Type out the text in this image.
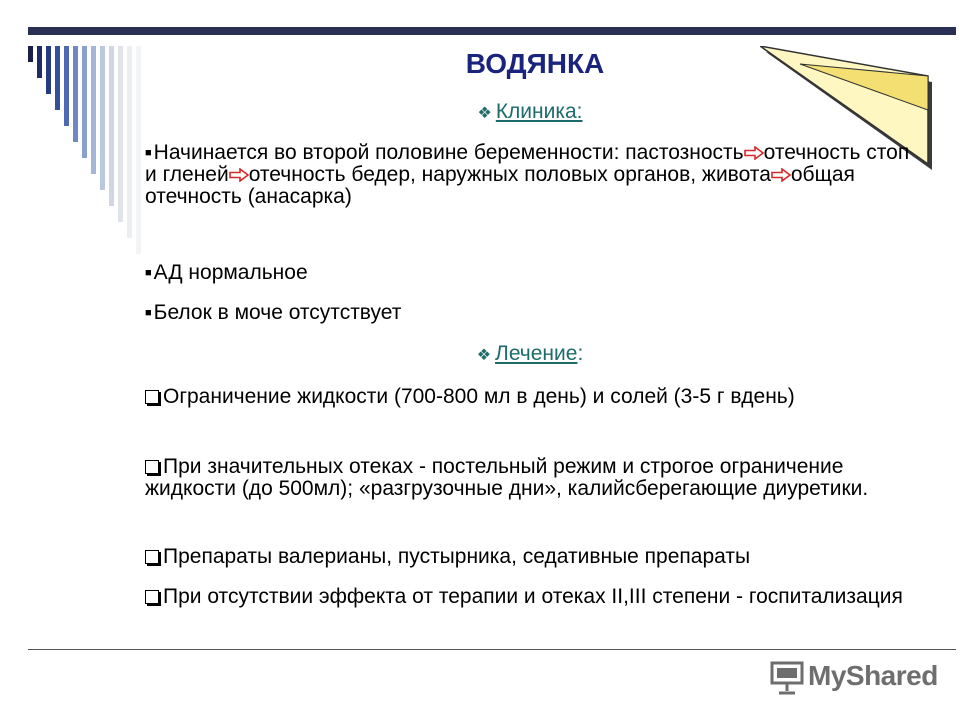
ВОДЯНКА
❖ Клиника:
■Начинается во второй половине беременности: пастозность отечность стоп и гленей отечность бедер, наружных половых органов, живота общая отечность (анасарка)
■АД нормальное
■Белок в моче отсутствует
❖ Лечение:
Ограничение жидкости (700-800 мл в день) и солей (3-5 г вдень)
При значительных отеках - постельный режим и строгое ограничение жидкости (до 500мл); «разгрузочные дни», калийсберегающие диуретики.
Препараты валерианы, пустырника, седативные препараты
При отсутствии эффекта от терапии и отеках II,III степени - госпитализация
MyShared
